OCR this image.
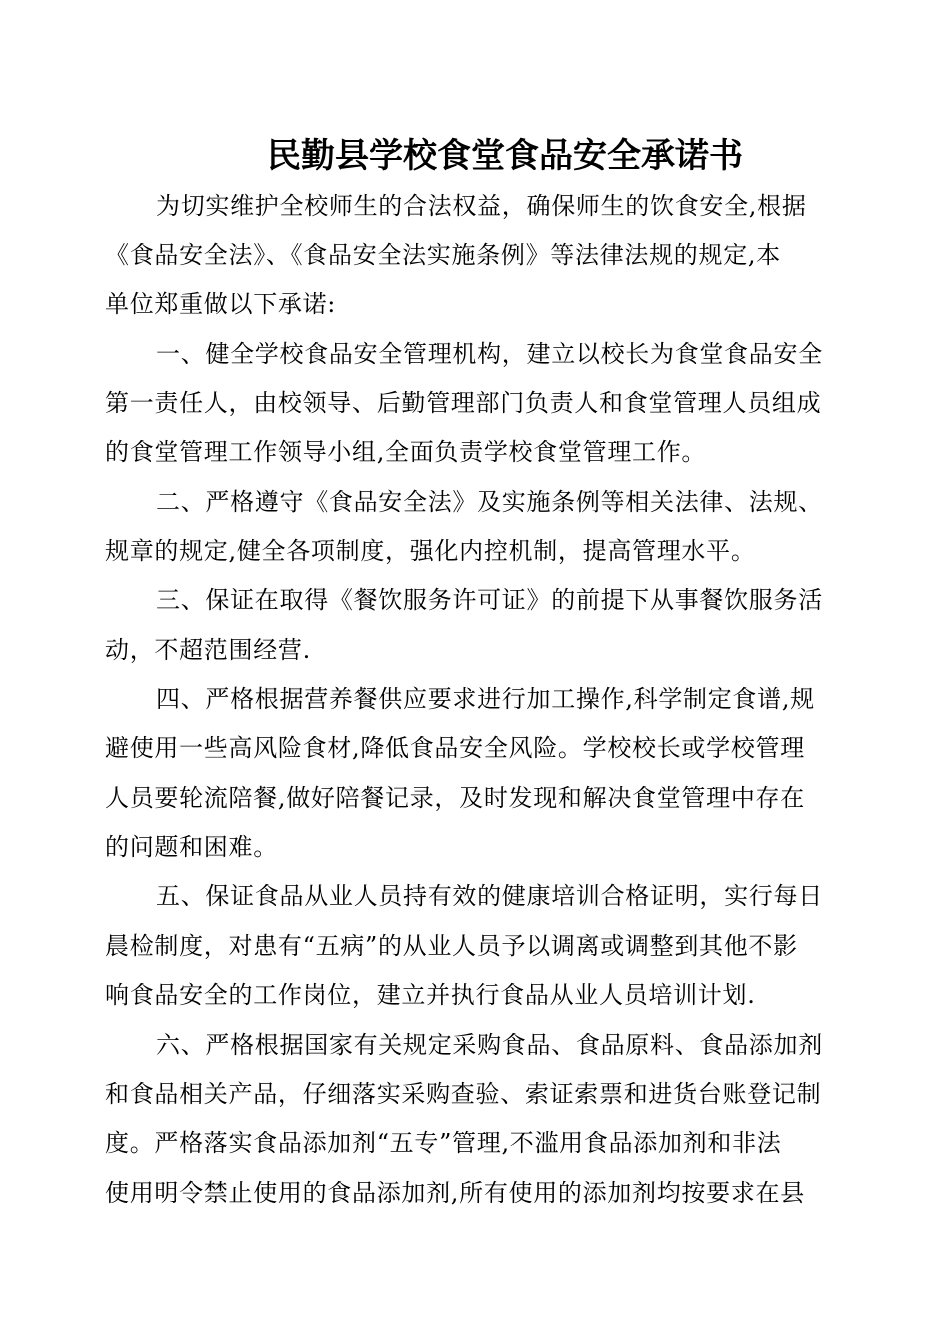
民勤县学校食堂食品安全承诺书
为切实维护全校师生的合法权益，确保师生的饮食安全,根据
《食品安全法》、《食品安全法实施条例》等法律法规的规定,本
单位郑重做以下承诺:
一、健全学校食品安全管理机构，建立以校长为食堂食品安全
第一责任人，由校领导、后勤管理部门负责人和食堂管理人员组成
的食堂管理工作领导小组,全面负责学校食堂管理工作。
二、严格遵守《食品安全法》及实施条例等相关法律、法规、
规章的规定,健全各项制度，强化内控机制，提高管理水平。
三、保证在取得《餐饮服务许可证》的前提下从事餐饮服务活
动，不超范围经营.
四、严格根据营养餐供应要求进行加工操作,科学制定食谱,规
避使用一些高风险食材,降低食品安全风险。学校校长或学校管理
人员要轮流陪餐,做好陪餐记录，及时发现和解决食堂管理中存在
的问题和困难。
五、保证食品从业人员持有效的健康培训合格证明，实行每日
晨检制度，对患有“五病”的从业人员予以调离或调整到其他不影
响食品安全的工作岗位，建立并执行食品从业人员培训计划.
六、严格根据国家有关规定采购食品、食品原料、食品添加剂
和食品相关产品，仔细落实采购查验、索证索票和进货台账登记制
度。严格落实食品添加剂“五专”管理,不滥用食品添加剂和非法
使用明令禁止使用的食品添加剂,所有使用的添加剂均按要求在县
